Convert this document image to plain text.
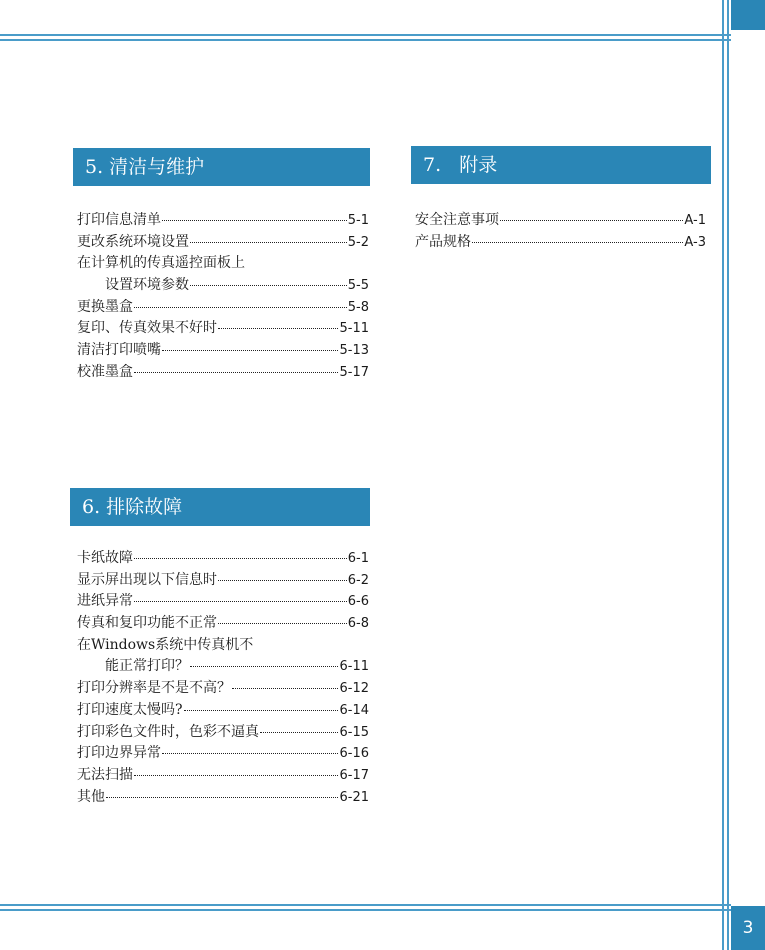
3
5. 清洁与维护
打印信息清单	5-1
更改系统环境设置	5-2
在计算机的传真遥控面板上
设置环境参数	5-5
更换墨盒	5-8
复印、传真效果不好时	5-11
清洁打印喷嘴	5-13
校准墨盒	5-17
6. 排除故障
卡纸故障	6-1
显示屏出现以下信息时	6-2
进纸异常	6-6
传真和复印功能不正常	6-8
在Windows系统中传真机不
能正常打印？	6-11
打印分辨率是不是不高？	6-12
打印速度太慢吗?	6-14
打印彩色文件时，色彩不逼真	6-15
打印边界异常	6-16
无法扫描	6-17
其他	6-21
7.   附录
安全注意事项	A-1
产品规格	A-3
